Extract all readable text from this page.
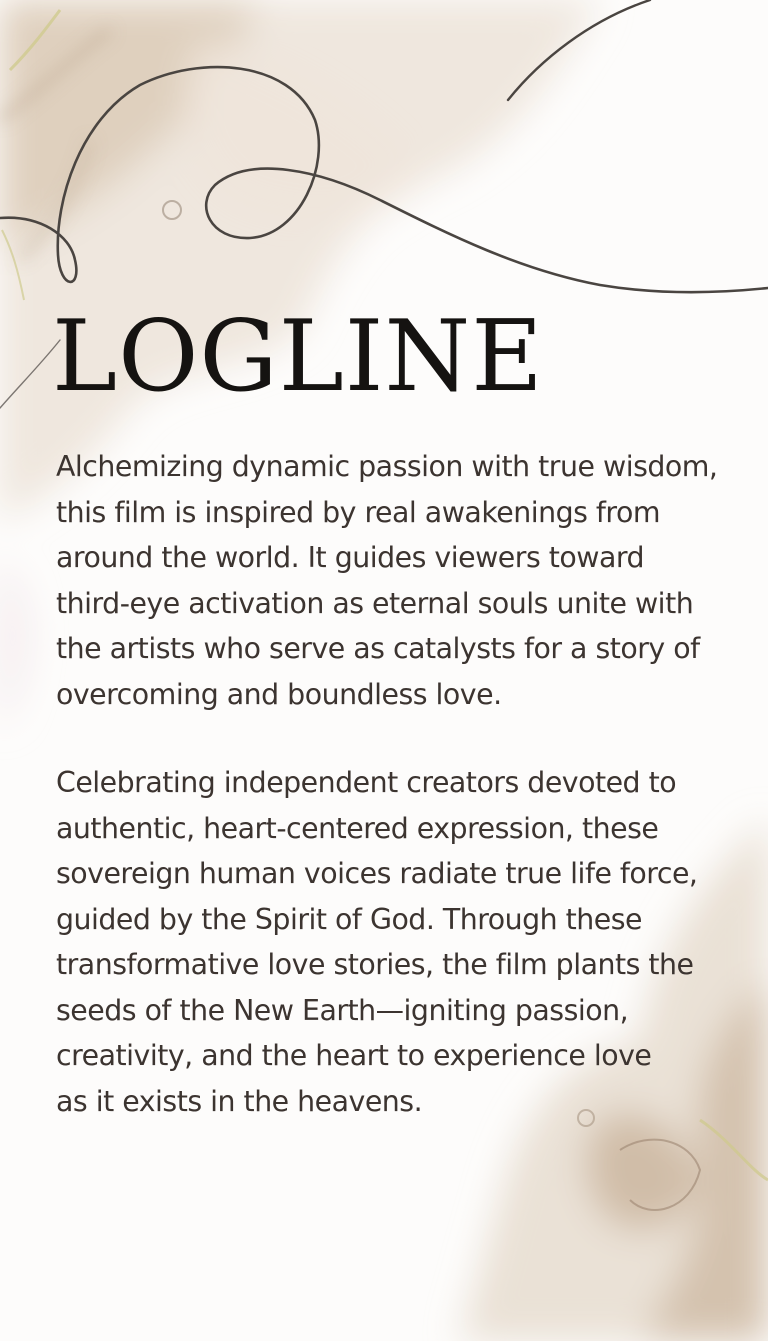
LOGLINE

Alchemizing dynamic passion with true wisdom,
this film is inspired by real awakenings from
around the world. It guides viewers toward
third-eye activation as eternal souls unite with
the artists who serve as catalysts for a story of
overcoming and boundless love.

Celebrating independent creators devoted to
authentic, heart-centered expression, these
sovereign human voices radiate true life force,
guided by the Spirit of God. Through these
transformative love stories, the film plants the
seeds of the New Earth—igniting passion,
creativity, and the heart to experience love
as it exists in the heavens.
